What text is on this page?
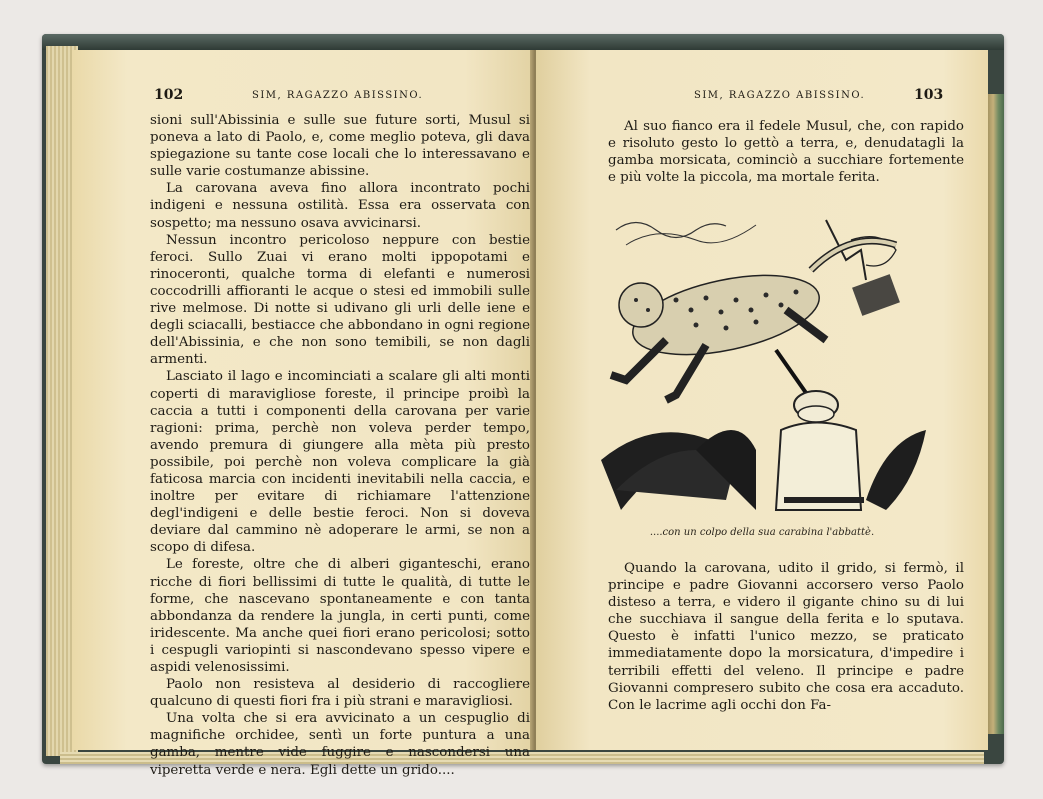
102	SIM, RAGAZZO ABISSINO.

sioni sull'Abissinia e sulle sue future sorti, Musul si poneva a lato di Paolo, e, come meglio poteva, gli dava spiegazione su tante cose locali che lo interessavano e sulle varie costumanze abissine.

La carovana aveva fino allora incontrato pochi indigeni e nessuna ostilità. Essa era osservata con sospetto; ma nessuno osava avvicinarsi.

Nessun incontro pericoloso neppure con bestie feroci. Sullo Zuai vi erano molti ippopotami e rinoceronti, qualche torma di elefanti e numerosi coccodrilli affioranti le acque o stesi ed immobili sulle rive melmose. Di notte si udivano gli urli delle iene e degli sciacalli, bestiacce che abbondano in ogni regione dell'Abissinia, e che non sono temibili, se non dagli armenti.

Lasciato il lago e incominciati a scalare gli alti monti coperti di maravigliose foreste, il principe proibì la caccia a tutti i componenti della carovana per varie ragioni: prima, perchè non voleva perder tempo, avendo premura di giungere alla mèta più presto possibile, poi perchè non voleva complicare la già faticosa marcia con incidenti inevitabili nella caccia, e inoltre per evitare di richiamare l'attenzione degl'indigeni e delle bestie feroci. Non si doveva deviare dal cammino nè adoperare le armi, se non a scopo di difesa.

Le foreste, oltre che di alberi giganteschi, erano ricche di fiori bellissimi di tutte le qualità, di tutte le forme, che nascevano spontaneamente e con tanta abbondanza da rendere la jungla, in certi punti, come iridescente. Ma anche quei fiori erano pericolosi; sotto i cespugli variopinti si nascondevano spesso vipere e aspidi velenosissimi.

Paolo non resisteva al desiderio di raccogliere qualcuno di questi fiori fra i più strani e maravigliosi.

Una volta che si era avvicinato a un cespuglio di magnifiche orchidee, sentì un forte puntura a una gamba, mentre vide fuggire e nascondersi una viperetta verde e nera. Egli dette un grido....

SIM, RAGAZZO ABISSINO.	103

Al suo fianco era il fedele Musul, che, con rapido e risoluto gesto lo gettò a terra, e, denudatagli la gamba morsicata, cominciò a succhiare fortemente e più volte la piccola, ma mortale ferita.

....con un colpo della sua carabina l'abbattè.

Quando la carovana, udito il grido, si fermò, il principe e padre Giovanni accorsero verso Paolo disteso a terra, e videro il gigante chino su di lui che succhiava il sangue della ferita e lo sputava. Questo è infatti l'unico mezzo, se praticato immediatamente dopo la morsicatura, d'impedire i terribili effetti del veleno. Il principe e padre Giovanni compresero subito che cosa era accaduto. Con le lacrime agli occhi don Fa-
